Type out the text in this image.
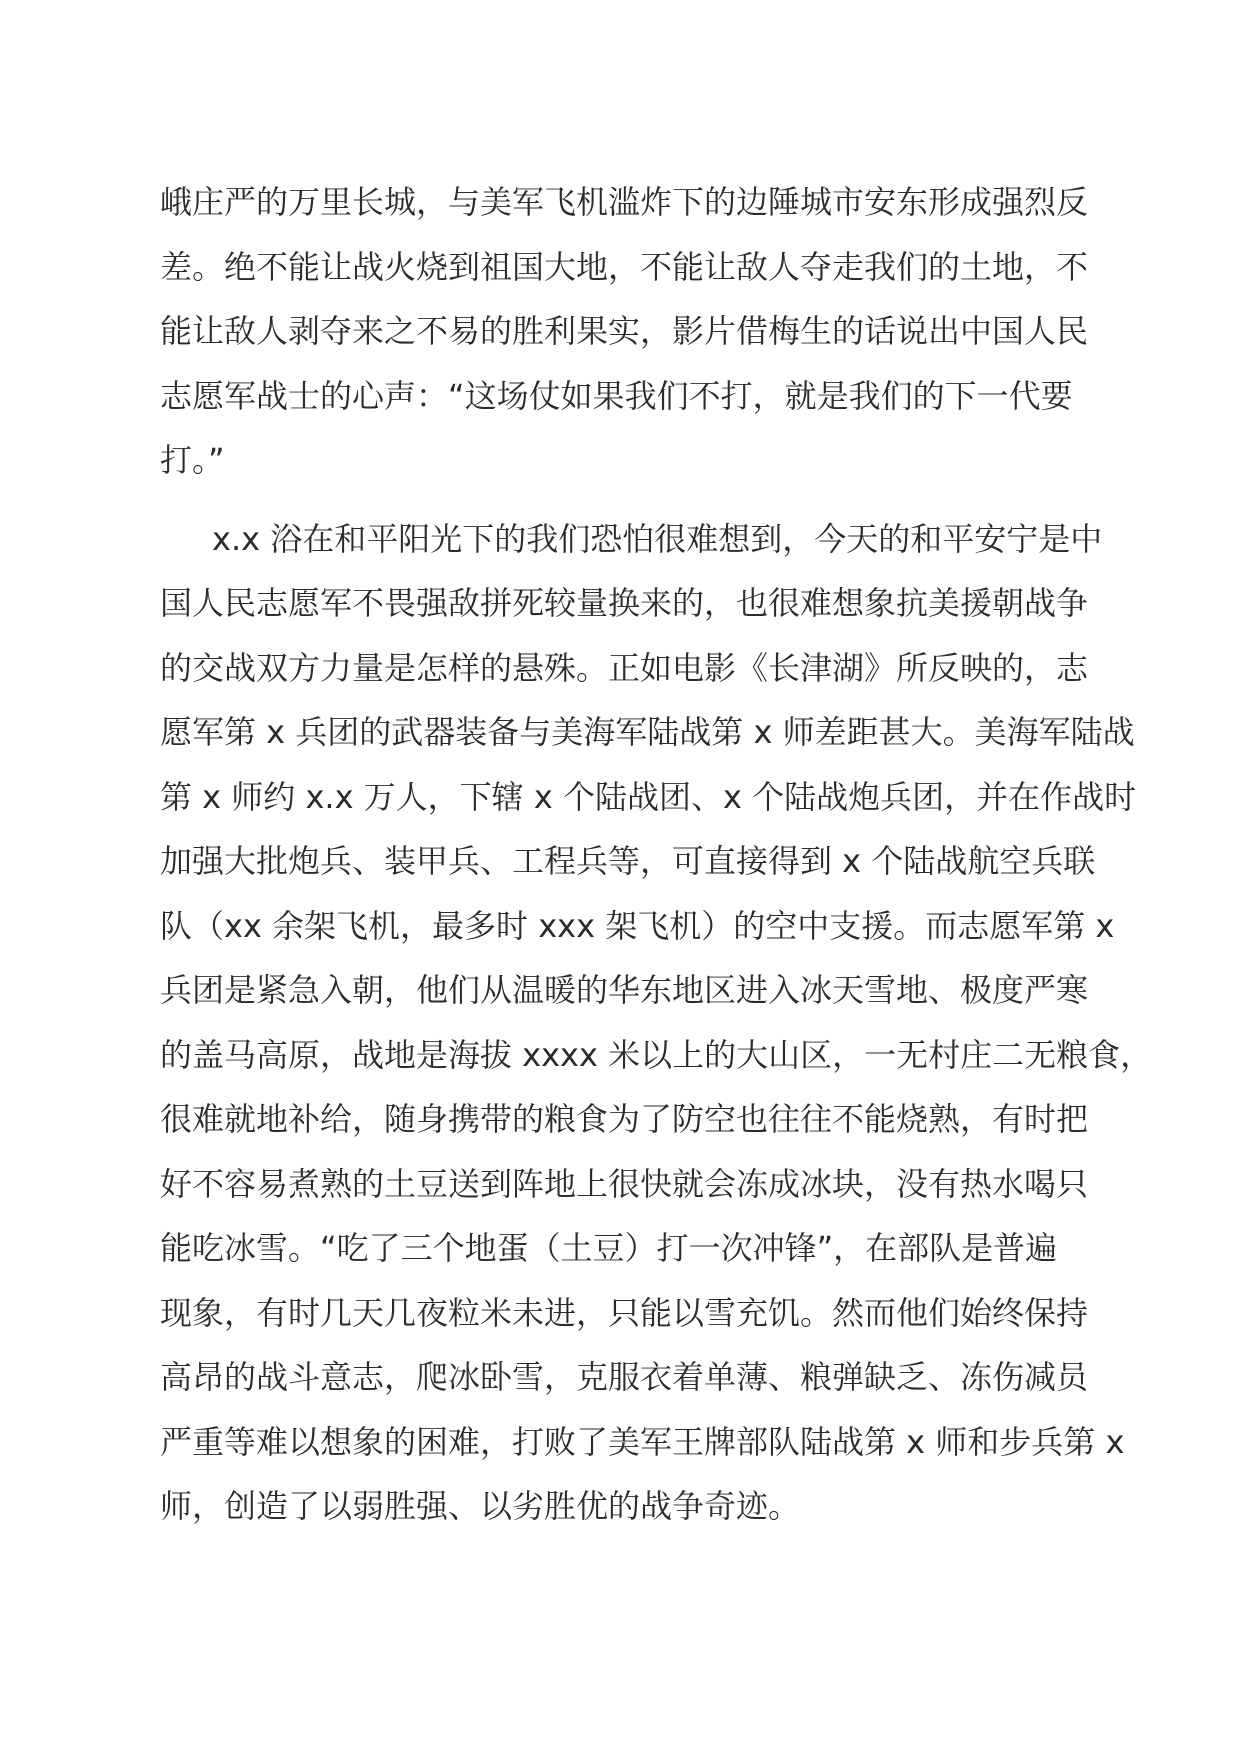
峨庄严的万里长城，与美军飞机滥炸下的边陲城市安东形成强烈反
差。绝不能让战火烧到祖国大地，不能让敌人夺走我们的土地，不
能让敌人剥夺来之不易的胜利果实，影片借梅生的话说出中国人民
志愿军战士的心声：“这场仗如果我们不打，就是我们的下一代要
打。”
x.x 浴在和平阳光下的我们恐怕很难想到，今天的和平安宁是中
国人民志愿军不畏强敌拼死较量换来的，也很难想象抗美援朝战争
的交战双方力量是怎样的悬殊。正如电影《长津湖》所反映的，志
愿军第 x 兵团的武器装备与美海军陆战第 x 师差距甚大。美海军陆战
第 x 师约 x.x 万人，下辖 x 个陆战团、x 个陆战炮兵团，并在作战时
加强大批炮兵、装甲兵、工程兵等，可直接得到 x 个陆战航空兵联
队（xx 余架飞机，最多时 xxx 架飞机）的空中支援。而志愿军第 x
兵团是紧急入朝，他们从温暖的华东地区进入冰天雪地、极度严寒
的盖马高原，战地是海拔 xxxx 米以上的大山区，一无村庄二无粮食，
很难就地补给，随身携带的粮食为了防空也往往不能烧熟，有时把
好不容易煮熟的土豆送到阵地上很快就会冻成冰块，没有热水喝只
能吃冰雪。“吃了三个地蛋（土豆）打一次冲锋”，在部队是普遍
现象，有时几天几夜粒米未进，只能以雪充饥。然而他们始终保持
高昂的战斗意志，爬冰卧雪，克服衣着单薄、粮弹缺乏、冻伤减员
严重等难以想象的困难，打败了美军王牌部队陆战第 x 师和步兵第 x
师，创造了以弱胜强、以劣胜优的战争奇迹。
